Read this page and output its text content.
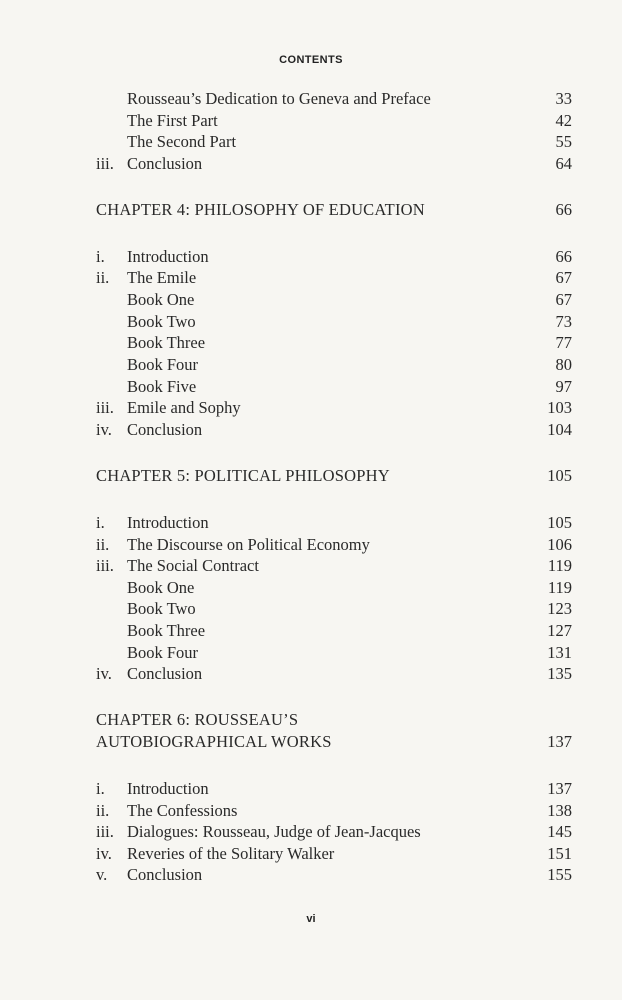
CONTENTS
Rousseau’s Dedication to Geneva and Preface	33
The First Part	42
The Second Part	55
iii. Conclusion	64
CHAPTER 4: PHILOSOPHY OF EDUCATION	66
i. Introduction	66
ii. The Emile	67
Book One	67
Book Two	73
Book Three	77
Book Four	80
Book Five	97
iii. Emile and Sophy	103
iv. Conclusion	104
CHAPTER 5: POLITICAL PHILOSOPHY	105
i. Introduction	105
ii. The Discourse on Political Economy	106
iii. The Social Contract	119
Book One	119
Book Two	123
Book Three	127
Book Four	131
iv. Conclusion	135
CHAPTER 6: ROUSSEAU’S
AUTOBIOGRAPHICAL WORKS	137
i. Introduction	137
ii. The Confessions	138
iii. Dialogues: Rousseau, Judge of Jean-Jacques	145
iv. Reveries of the Solitary Walker	151
v. Conclusion	155
vi
